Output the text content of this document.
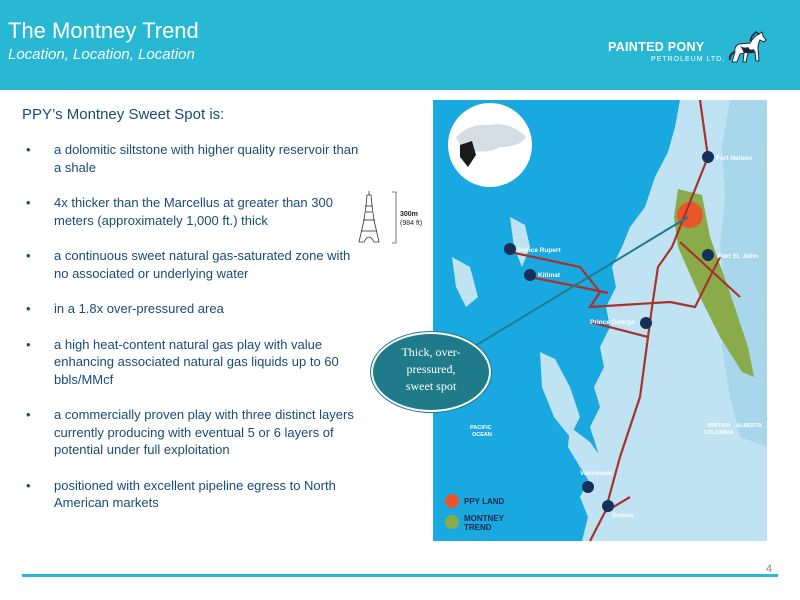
The Montney Trend
Location, Location, Location	PAINTED PONY
PETROLEUM LTD.
PPY’s Montney Sweet Spot is:
• a dolomitic siltstone with higher quality reservoir than a shale
• 4x thicker than the Marcellus at greater than 300 meters (approximately 1,000 ft.) thick
• a continuous sweet natural gas-saturated zone with no associated or underlying water
• in a 1.8x over-pressured area
• a high heat-content natural gas play with value enhancing associated natural gas liquids up to 60 bbls/MMcf
• a commercially proven play with three distinct layers currently producing with eventual 5 or 6 layers of potential under full exploitation
• positioned with excellent pipeline egress to North American markets
300m
(984 ft)
Fort Nelson
Prince Rupert
Kitimat
Fort St. John
Prince George
Vancouver
Sumas
PACIFIC
OCEAN
BRITISH
COLUMBIA
ALBERTA
PPY LAND
MONTNEY
TREND
Thick, over-
pressured,
sweet spot
4
